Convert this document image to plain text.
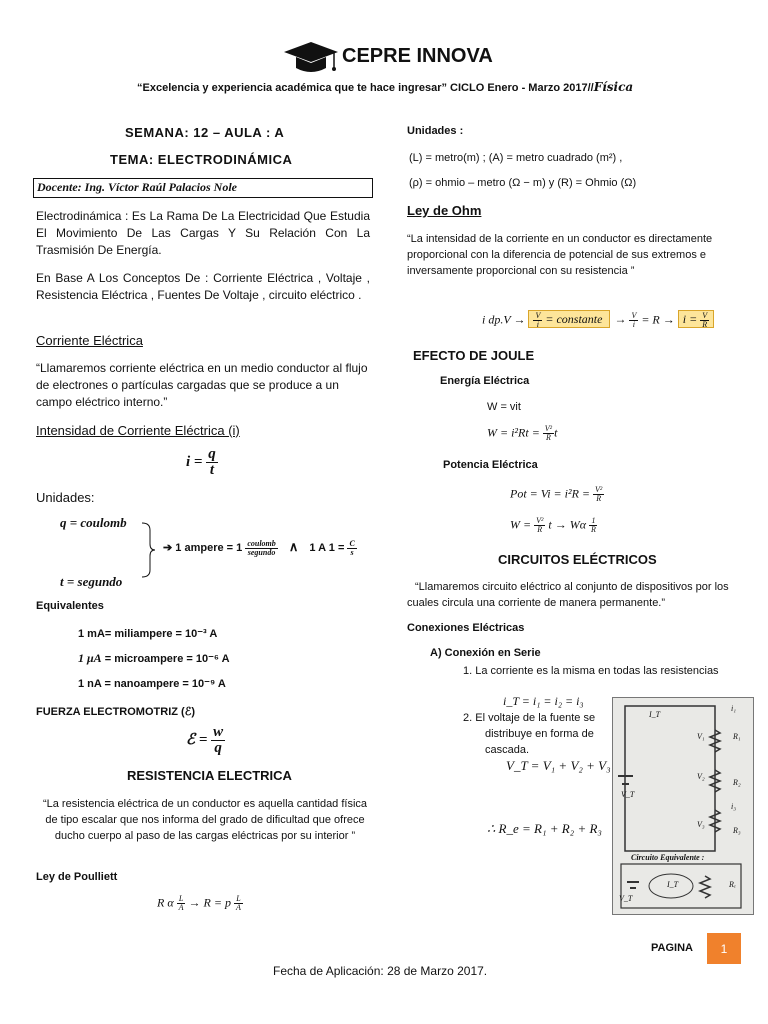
CEPRE INNOVA
“Excelencia y experiencia académica que te hace ingresar” CICLO Enero - Marzo 2017//Física
SEMANA: 12 – AULA : A
TEMA: ELECTRODINÁMICA
Docente: Ing. Víctor Raúl Palacios Nole
Electrodinámica : Es La Rama De La Electricidad Que Estudia El Movimiento De Las Cargas Y Su Relación Con La Trasmisión De Energía.
En Base A Los Conceptos De : Corriente Eléctrica , Voltaje , Resistencia Eléctrica , Fuentes De Voltaje , circuito eléctrico .
Corriente Eléctrica
“Llamaremos corriente eléctrica en un medio conductor al flujo de electrones o partículas cargadas que se produce a un campo eléctrico interno.”
Intensidad de Corriente Eléctrica (i)
$i = \frac{q}{t}$
Unidades:
q = coulomb
t = segundo
➔ 1 ampere = $1 \frac{\text{coulomb}}{\text{segundo}}$ ∧ 1 A $1 = \frac{C}{s}$
Equivalentes
1 mA= miliampere = 10⁻³ A
1 μA = microampere = 10⁻⁶ A
1 nA = nanoampere = 10⁻⁹ A
FUERZA ELECTROMOTRIZ (ℰ)
ℰ = $\frac{w}{q}$
RESISTENCIA ELECTRICA
“La resistencia eléctrica de un conductor es aquella cantidad física de tipo escalar que nos informa del grado de dificultad que ofrece ducho cuerpo al paso de las cargas eléctricas por su interior ”
Ley de Poulliett
R α $\frac{L}{A} \to R = p \frac{L}{A}$
Unidades :
(L) = metro(m) ; (A) = metro cuadrado (m²) ,
(ρ) = ohmio – metro (Ω − m) y (R) = Ohmio (Ω)
Ley de Ohm
“La intensidad de la corriente en un conductor es directamente proporcional con la diferencia de potencial de sus extremos e inversamente proporcional con su resistencia ”
i $dp.V \to \frac{V}{i}$ = constante → $\frac{V}{i} = R \to i = \frac{V}{R}$
EFECTO DE JOULE
Energía Eléctrica
W = vit
$W = i^2Rt = \frac{\text{V²}}{R}$ t
Potencia Eléctrica
Pot = $Vi = i^2R = \frac{\text{V²}}{R}$
$W = \frac{\text{V²}}{R}$ t → Wα $\frac{1}{R}$
CIRCUITOS ELÉCTRICOS
“Llamaremos circuito eléctrico al conjunto de dispositivos por los cuales circula una corriente de manera permanente.”
Conexiones Eléctricas
A) Conexión en Serie
1. La corriente es la misma en todas las resistencias
i_T = i₁ = i₂ = i₃
2. El voltaje de la fuente se distribuye en forma de cascada.
V_T = V₁ + V₂ + V₃
∴ R_e = R₁ + R₂ + R₃
I_T
V_T
i₁
V₁	R₁
V₂
R₂
i₃
V₃
R₃
Circuito Equivalente :
V_T
I_T	Rₑ
PAGINA 1
Fecha de Aplicación: 28 de Marzo 2017.
